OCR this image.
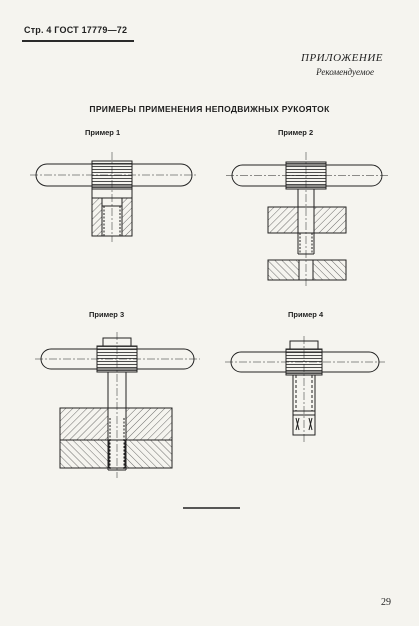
Стр. 4 ГОСТ 17779—72
ПРИЛОЖЕНИЕ
Рекомендуемое
ПРИМЕРЫ ПРИМЕНЕНИЯ НЕПОДВИЖНЫХ РУКОЯТОК
Пример 1	Пример 2
Пример 3	Пример 4
29
